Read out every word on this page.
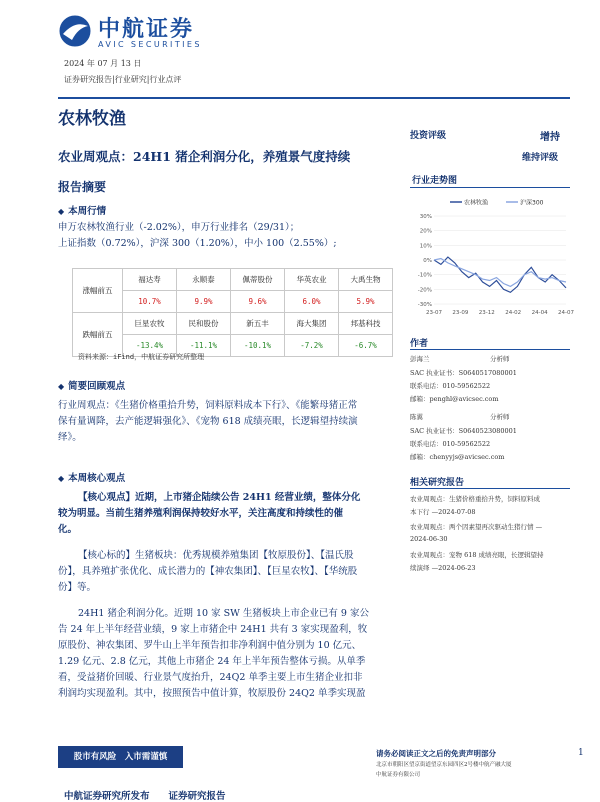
中航证券
AVIC SECURITIES
2024 年 07 月 13 日
证券研究报告|行业研究|行业点评
农林牧渔
农业周观点：24H1 猪企利润分化，养殖景气度持续
报告摘要
◆ 本周行情
申万农林牧渔行业（-2.02%），申万行业排名（29/31）；
上证指数（0.72%），沪深 300（1.20%），中小 100（2.55%）;
涨幅前五	福达寿	永顺泰	佩蒂股份	华英农业	大禹生物
	10.7%	9.9%	9.6%	6.0%	5.9%
跌幅前五	巨星农牧	民和股份	新五丰	海大集团	邦基科技
	-13.4%	-11.1%	-10.1%	-7.2%	-6.7%
资料来源：iFind，中航证券研究所整理
◆ 简要回顾观点
行业周观点：《生猪价格重拾升势，饲料原料成本下行》、《能繁母猪正常
保有量调降，去产能逻辑强化》、《宠物 618 成绩亮眼，长逻辑望持续演
绎》。
◆ 本周核心观点
【核心观点】近期，上市猪企陆续公告 24H1 经营业绩，整体分化
较为明显。当前生猪养殖利润保持较好水平，关注高度和持续性的催
化。
【核心标的】生猪板块：优秀规模养殖集团【牧原股份】、【温氏股
份】，具养殖扩张优化、成长潜力的【神农集团】、【巨星农牧】、【华统股
份】等。
24H1 猪企利润分化。近期 10 家 SW 生猪板块上市企业已有 9 家公
告 24 年上半年经营业绩，9 家上市猪企中 24H1 共有 3 家实现盈利，牧
原股份、神农集团、罗牛山上半年预告扣非净利润中值分别为 10 亿元、
1.29 亿元、2.8 亿元，其他上市猪企 24 年上半年预告整体亏损。从单季
看，受益猪价回暖、行业景气度抬升，24Q2 单季主要上市生猪企业扣非
利润均实现盈利。其中，按照预告中值计算，牧原股份 24Q2 单季实现盈
投资评级	增持
维持评级
行业走势图
农林牧渔	沪深300
30%
20%
10%
0%
-10%
-20%
-30%
23-07 23-09 23-12 24-02 24-04 24-07
作者
彭海兰	分析师
SAC 执业证书：S0640517080001
联系电话：010-59562522
邮箱：penghl@avicsec.com
陈翼	分析师
SAC 执业证书：S0640523080001
联系电话：010-59562522
邮箱：chenyyjs@avicsec.com
相关研究报告
农业周观点：生猪价格重拾升势，饲料原料成
本下行 —2024-07-08
农业周观点：两个因素望再次驱动生猪行情 —
2024-06-30
农业周观点：宠物 618 成绩亮眼，长逻辑望持
续演绎 —2024-06-23
股市有风险　入市需谨慎	请务必阅读正文之后的免责声明部分	1
北京市朝阳区望京街道望京东园四区2号楼中航产融大厦
中航证券有限公司
中航证券研究所发布　　证券研究报告
